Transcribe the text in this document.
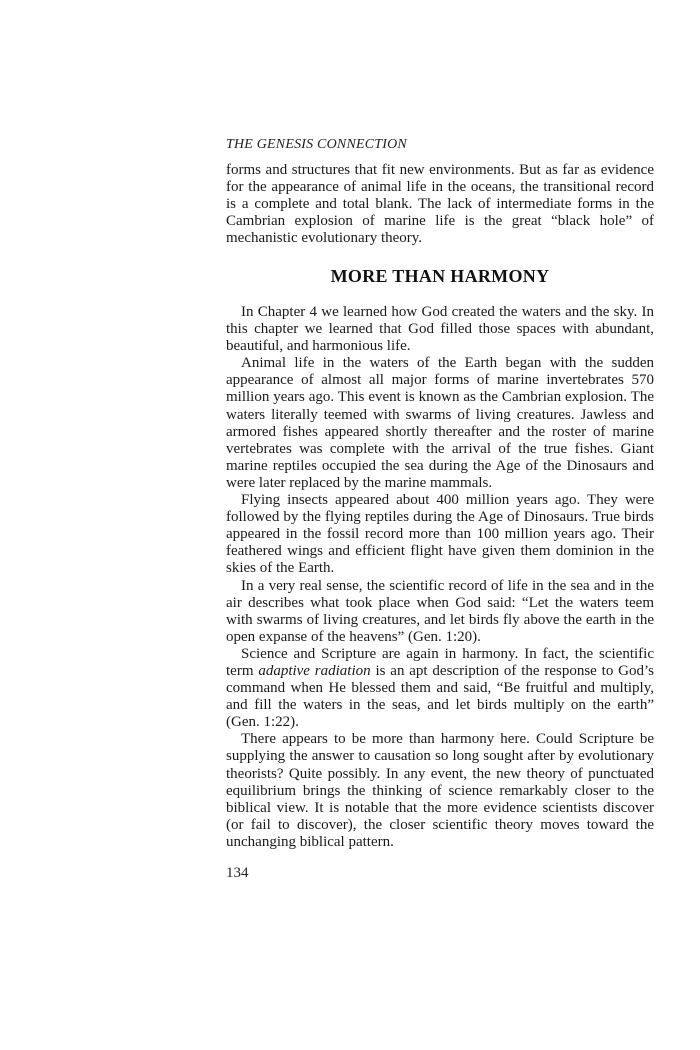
THE GENESIS CONNECTION

forms and structures that fit new environments. But as far as evidence for the appearance of animal life in the oceans, the transitional record is a complete and total blank. The lack of intermediate forms in the Cambrian explosion of marine life is the great “black hole” of mechanistic evolutionary theory.

MORE THAN HARMONY

In Chapter 4 we learned how God created the waters and the sky. In this chapter we learned that God filled those spaces with abundant, beautiful, and harmonious life.

Animal life in the waters of the Earth began with the sudden appearance of almost all major forms of marine invertebrates 570 million years ago. This event is known as the Cambrian explosion. The waters literally teemed with swarms of living creatures. Jawless and armored fishes appeared shortly thereafter and the roster of marine vertebrates was complete with the arrival of the true fishes. Giant marine reptiles occupied the sea during the Age of the Dinosaurs and were later replaced by the marine mammals.

Flying insects appeared about 400 million years ago. They were followed by the flying reptiles during the Age of Dinosaurs. True birds appeared in the fossil record more than 100 million years ago. Their feathered wings and efficient flight have given them dominion in the skies of the Earth.

In a very real sense, the scientific record of life in the sea and in the air describes what took place when God said: “Let the waters teem with swarms of living creatures, and let birds fly above the earth in the open expanse of the heavens” (Gen. 1:20).

Science and Scripture are again in harmony. In fact, the scientific term adaptive radiation is an apt description of the response to God’s command when He blessed them and said, “Be fruitful and multiply, and fill the waters in the seas, and let birds multiply on the earth” (Gen. 1:22).

There appears to be more than harmony here. Could Scripture be supplying the answer to causation so long sought after by evolutionary theorists? Quite possibly. In any event, the new theory of punctuated equilibrium brings the thinking of science remarkably closer to the biblical view. It is notable that the more evidence scientists discover (or fail to discover), the closer scientific theory moves toward the unchanging biblical pattern.

134
